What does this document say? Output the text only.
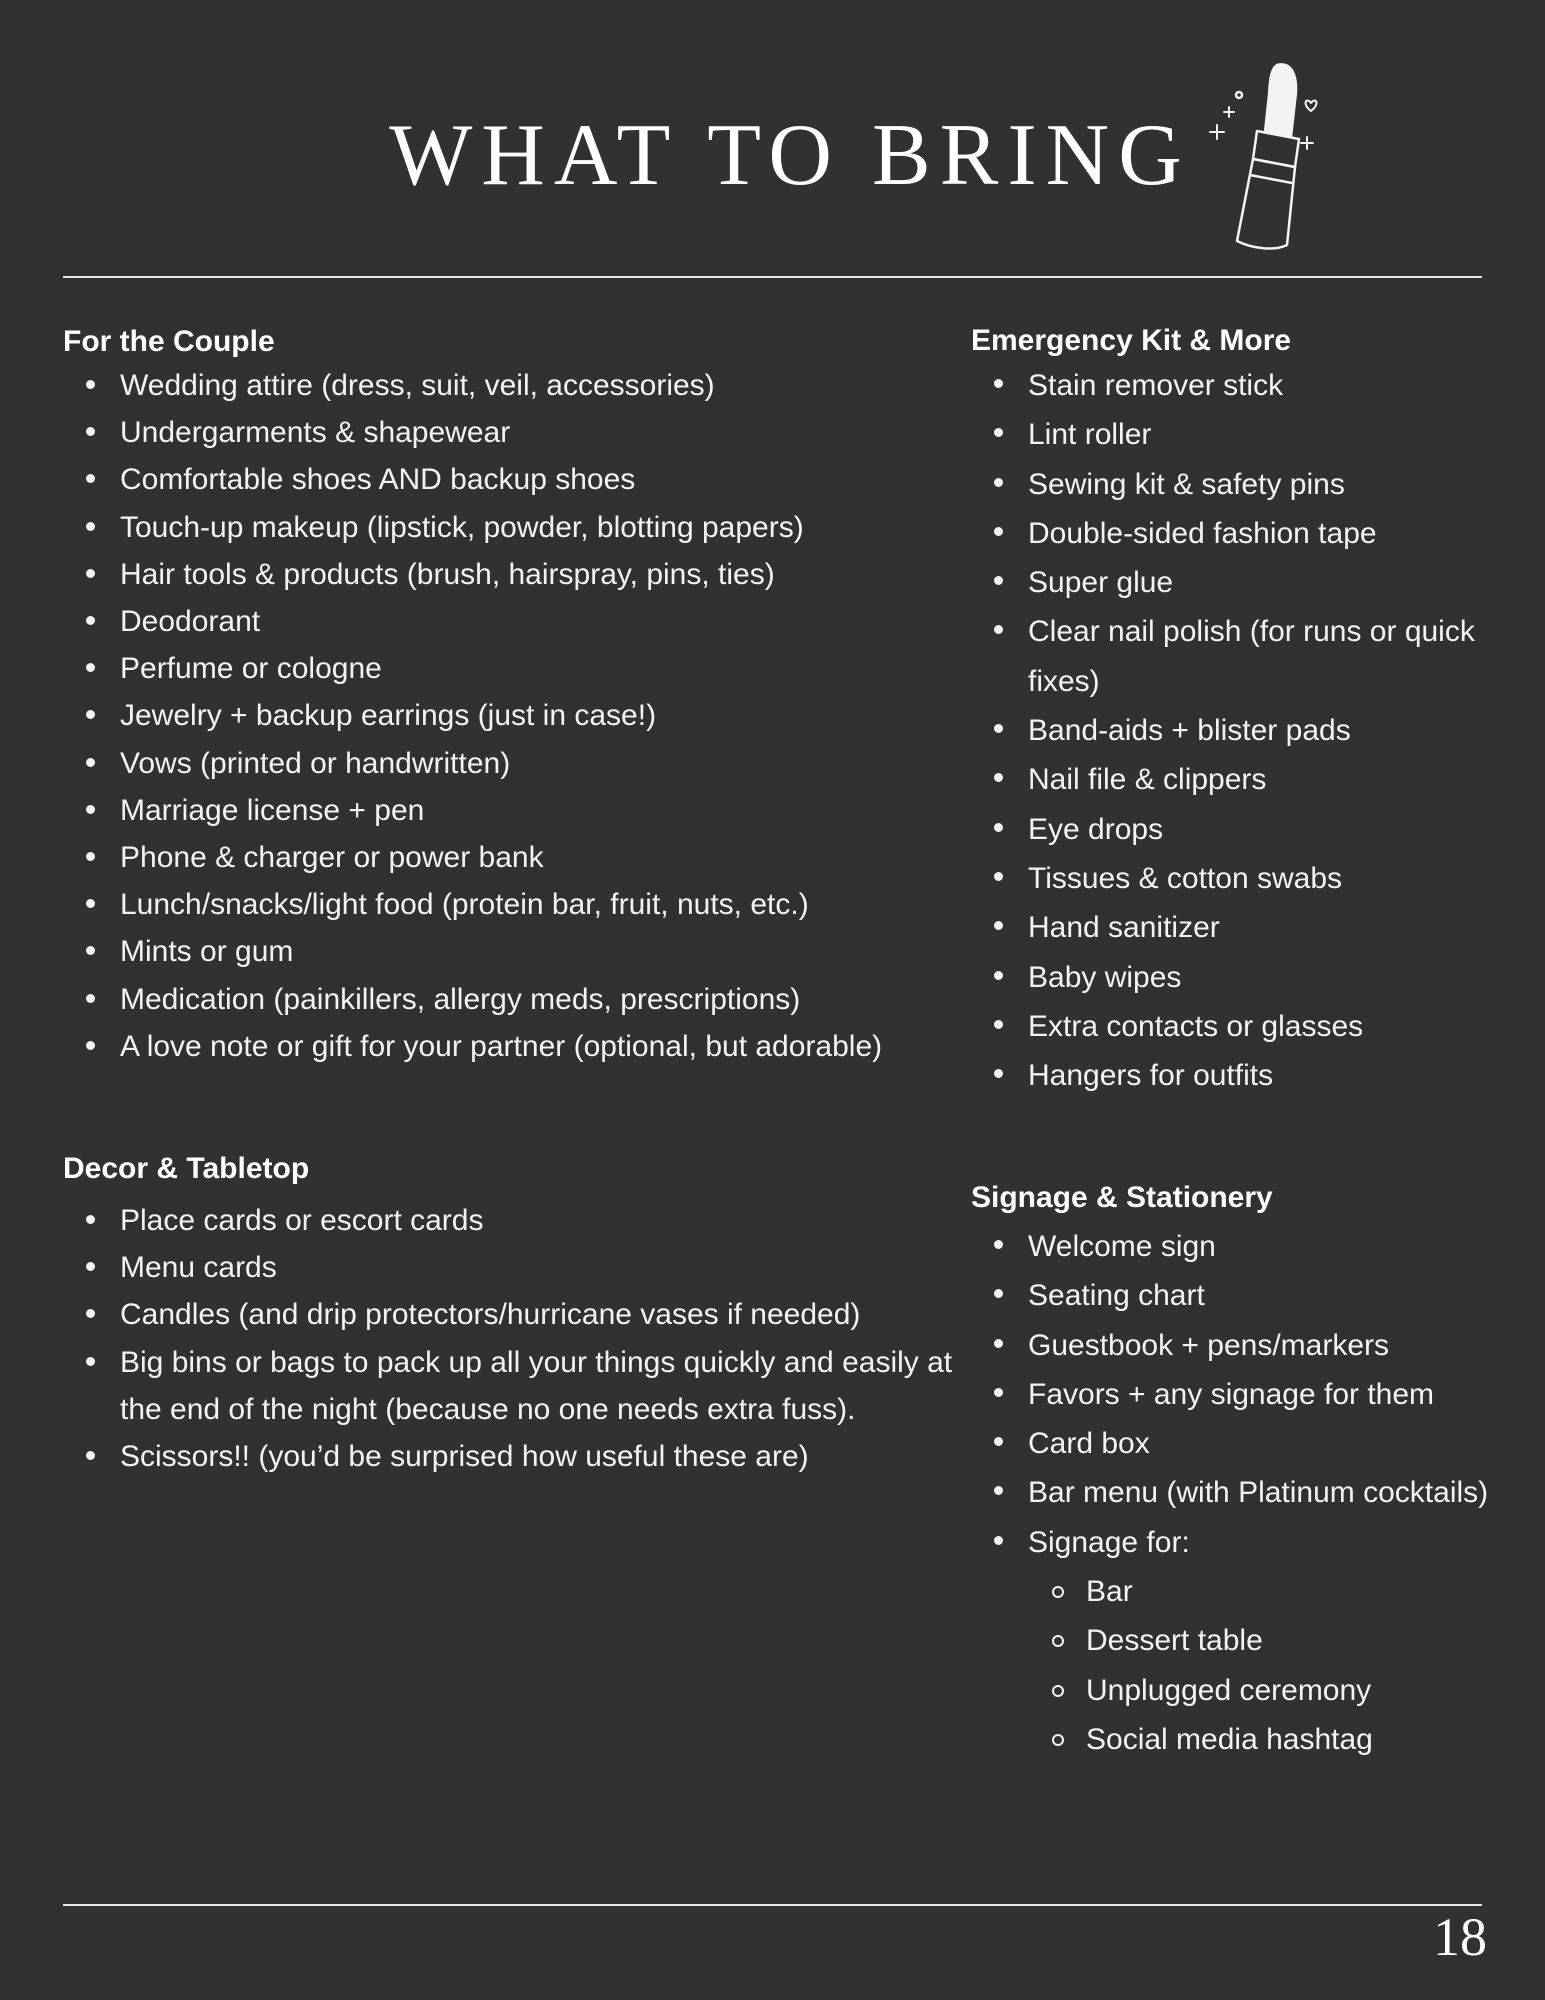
WHAT TO BRING
For the Couple
Wedding attire (dress, suit, veil, accessories)
Undergarments & shapewear
Comfortable shoes AND backup shoes
Touch-up makeup (lipstick, powder, blotting papers)
Hair tools & products (brush, hairspray, pins, ties)
Deodorant
Perfume or cologne
Jewelry + backup earrings (just in case!)
Vows (printed or handwritten)
Marriage license + pen
Phone & charger or power bank
Lunch/snacks/light food (protein bar, fruit, nuts, etc.)
Mints or gum
Medication (painkillers, allergy meds, prescriptions)
A love note or gift for your partner (optional, but adorable)
Decor & Tabletop
Place cards or escort cards
Menu cards
Candles (and drip protectors/hurricane vases if needed)
Big bins or bags to pack up all your things quickly and easily at the end of the night (because no one needs extra fuss).
Scissors!! (you’d be surprised how useful these are)
Emergency Kit & More
Stain remover stick
Lint roller
Sewing kit & safety pins
Double-sided fashion tape
Super glue
Clear nail polish (for runs or quick fixes)
Band-aids + blister pads
Nail file & clippers
Eye drops
Tissues & cotton swabs
Hand sanitizer
Baby wipes
Extra contacts or glasses
Hangers for outfits
Signage & Stationery
Welcome sign
Seating chart
Guestbook + pens/markers
Favors + any signage for them
Card box
Bar menu (with Platinum cocktails)
Signage for:
Bar
Dessert table
Unplugged ceremony
Social media hashtag
18
